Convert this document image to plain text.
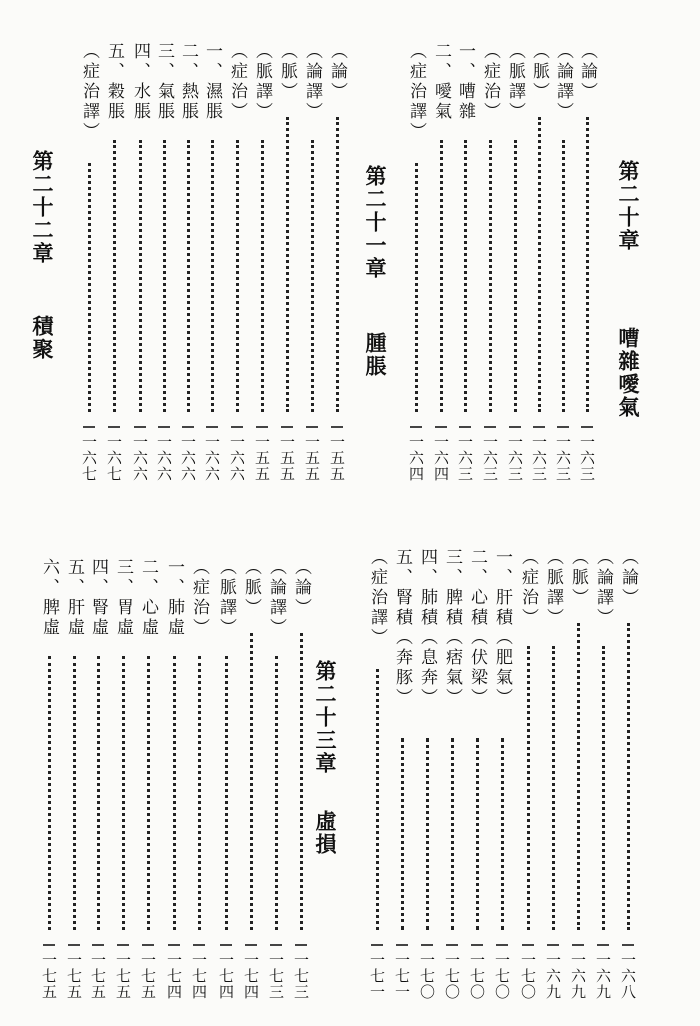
第二十章嘈雜噯氣
（論）
一六三
（論譯）
一六三
（脈）
一六三
（脈譯）
一六三
（症治）
一六三
一、嘈雜
一六三
二、噯氣
一六四
（症治譯）
一六四
第二十一章腫脹
（論）
一五五
（論譯）
一五五
（脈）
一五五
（脈譯）
一五五
（症治）
一六六
一、濕脹
一六六
二、熱脹
一六六
三、氣脹
一六六
四、水脹
一六六
五、穀脹
一六七
（症治譯）
一六七
第二十二章積聚
第二十三章虛損
（論）
一七三
（論譯）
一七三
（脈）
一七四
（脈譯）
一七四
（症治）
一七四
一、肺虛
一七四
二、心虛
一七五
三、胃虛
一七五
四、腎虛
一七五
五、肝虛
一七五
六、脾虛
一七五
（論）
一六八
（論譯）
一六九
（脈）
一六九
（脈譯）
一六九
（症治）
一七〇
一、肝積（肥氣）
一七〇
二、心積（伏梁）
一七〇
三、脾積（痞氣）
一七〇
四、肺積（息奔）
一七〇
五、腎積（奔豚）
一七一
（症治譯）
一七一
